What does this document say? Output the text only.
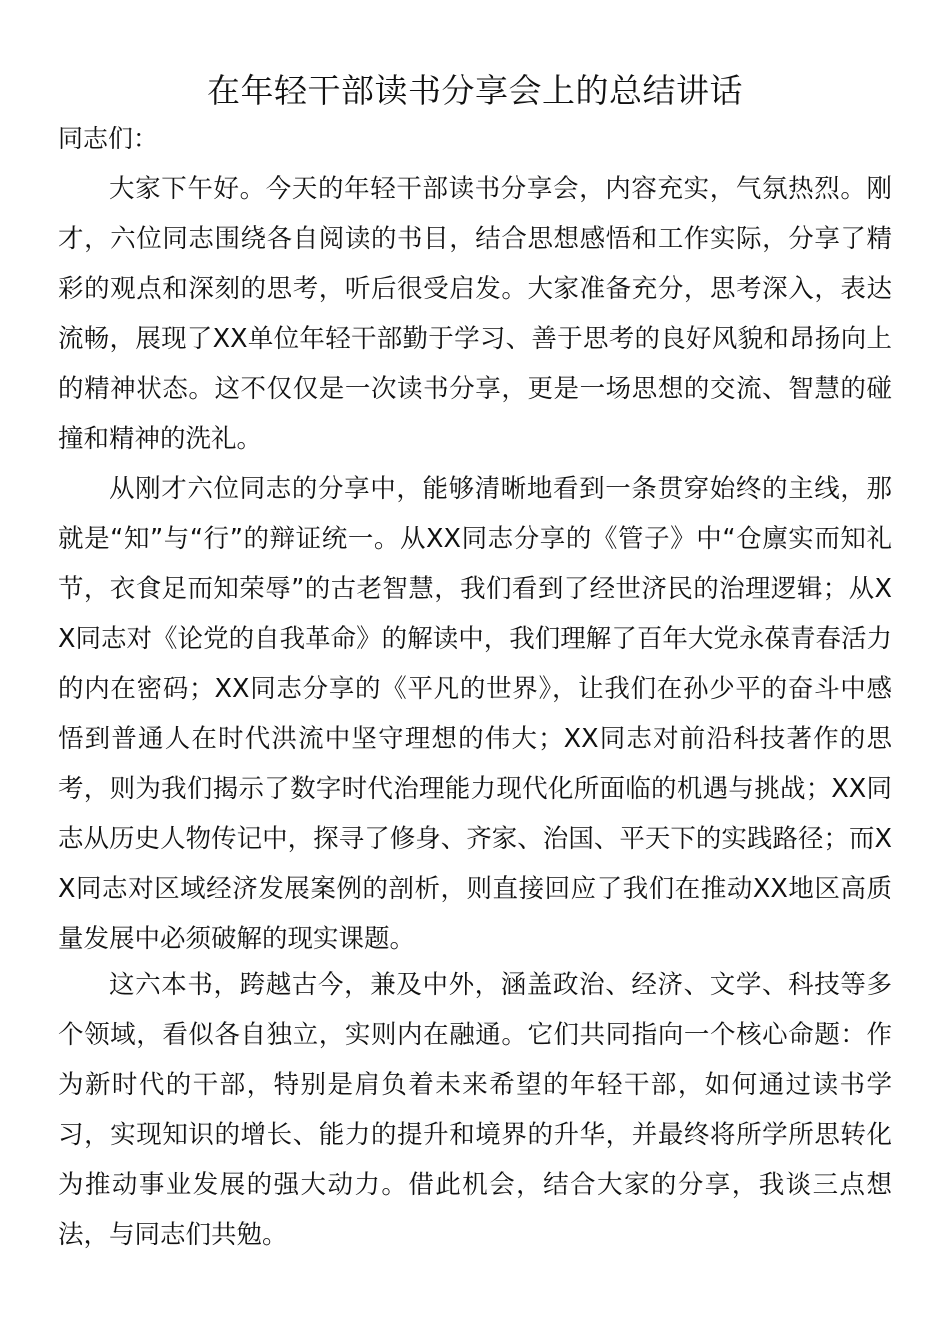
在年轻干部读书分享会上的总结讲话

同志们：

大家下午好。今天的年轻干部读书分享会，内容充实，气氛热烈。刚才，六位同志围绕各自阅读的书目，结合思想感悟和工作实际，分享了精彩的观点和深刻的思考，听后很受启发。大家准备充分，思考深入，表达流畅，展现了XX单位年轻干部勤于学习、善于思考的良好风貌和昂扬向上的精神状态。这不仅仅是一次读书分享，更是一场思想的交流、智慧的碰撞和精神的洗礼。

从刚才六位同志的分享中，能够清晰地看到一条贯穿始终的主线，那就是“知”与“行”的辩证统一。从XX同志分享的《管子》中“仓廪实而知礼节，衣食足而知荣辱”的古老智慧，我们看到了经世济民的治理逻辑；从XX同志对《论党的自我革命》的解读中，我们理解了百年大党永葆青春活力的内在密码；XX同志分享的《平凡的世界》，让我们在孙少平的奋斗中感悟到普通人在时代洪流中坚守理想的伟大；XX同志对前沿科技著作的思考，则为我们揭示了数字时代治理能力现代化所面临的机遇与挑战；XX同志从历史人物传记中，探寻了修身、齐家、治国、平天下的实践路径；而XX同志对区域经济发展案例的剖析，则直接回应了我们在推动XX地区高质量发展中必须破解的现实课题。

这六本书，跨越古今，兼及中外，涵盖政治、经济、文学、科技等多个领域，看似各自独立，实则内在融通。它们共同指向一个核心命题：作为新时代的干部，特别是肩负着未来希望的年轻干部，如何通过读书学习，实现知识的增长、能力的提升和境界的升华，并最终将所学所思转化为推动事业发展的强大动力。借此机会，结合大家的分享，我谈三点想法，与同志们共勉。
